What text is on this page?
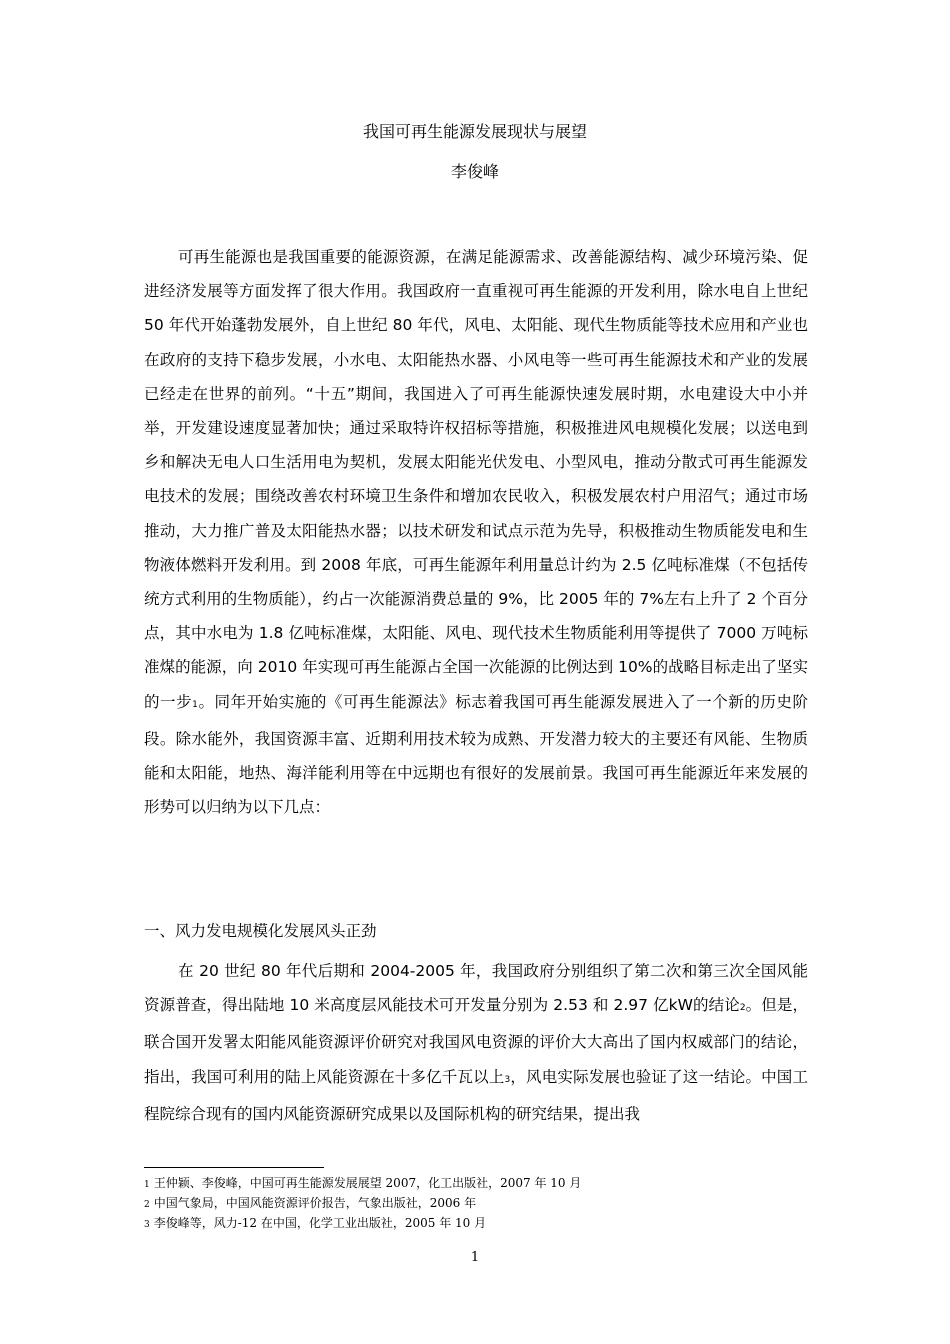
我国可再生能源发展现状与展望
李俊峰
可再生能源也是我国重要的能源资源，在满足能源需求、改善能源结构、减少环境污染、促进经济发展等方面发挥了很大作用。我国政府一直重视可再生能源的开发利用，除水电自上世纪 50 年代开始蓬勃发展外，自上世纪 80 年代，风电、太阳能、现代生物质能等技术应用和产业也在政府的支持下稳步发展，小水电、太阳能热水器、小风电等一些可再生能源技术和产业的发展已经走在世界的前列。“十五”期间，我国进入了可再生能源快速发展时期，水电建设大中小并举，开发建设速度显著加快；通过采取特许权招标等措施，积极推进风电规模化发展；以送电到乡和解决无电人口生活用电为契机，发展太阳能光伏发电、小型风电，推动分散式可再生能源发电技术的发展；围绕改善农村环境卫生条件和增加农民收入，积极发展农村户用沼气；通过市场推动，大力推广普及太阳能热水器；以技术研发和试点示范为先导，积极推动生物质能发电和生物液体燃料开发利用。到 2008 年底，可再生能源年利用量总计约为 2.5 亿吨标准煤（不包括传统方式利用的生物质能），约占一次能源消费总量的 9%，比 2005 年的 7%左右上升了 2 个百分点，其中水电为 1.8 亿吨标准煤，太阳能、风电、现代技术生物质能利用等提供了 7000 万吨标准煤的能源，向 2010 年实现可再生能源占全国一次能源的比例达到 10%的战略目标走出了坚实的一步1。同年开始实施的《可再生能源法》标志着我国可再生能源发展进入了一个新的历史阶段。除水能外，我国资源丰富、近期利用技术较为成熟、开发潜力较大的主要还有风能、生物质能和太阳能，地热、海洋能利用等在中远期也有很好的发展前景。我国可再生能源近年来发展的形势可以归纳为以下几点：
一、风力发电规模化发展风头正劲
在 20 世纪 80 年代后期和 2004-2005 年，我国政府分别组织了第二次和第三次全国风能资源普查，得出陆地 10 米高度层风能技术可开发量分别为 2.53 和 2.97 亿kW的结论2。但是，联合国开发署太阳能风能资源评价研究对我国风电资源的评价大大高出了国内权威部门的结论，指出，我国可利用的陆上风能资源在十多亿千瓦以上3，风电实际发展也验证了这一结论。中国工程院综合现有的国内风能资源研究成果以及国际机构的研究结果，提出我
1 王仲颖、李俊峰，中国可再生能源发展展望 2007，化工出版社，2007 年 10 月
2 中国气象局，中国风能资源评价报告，气象出版社，2006 年
3 李俊峰等，风力-12 在中国，化学工业出版社，2005 年 10 月
1
